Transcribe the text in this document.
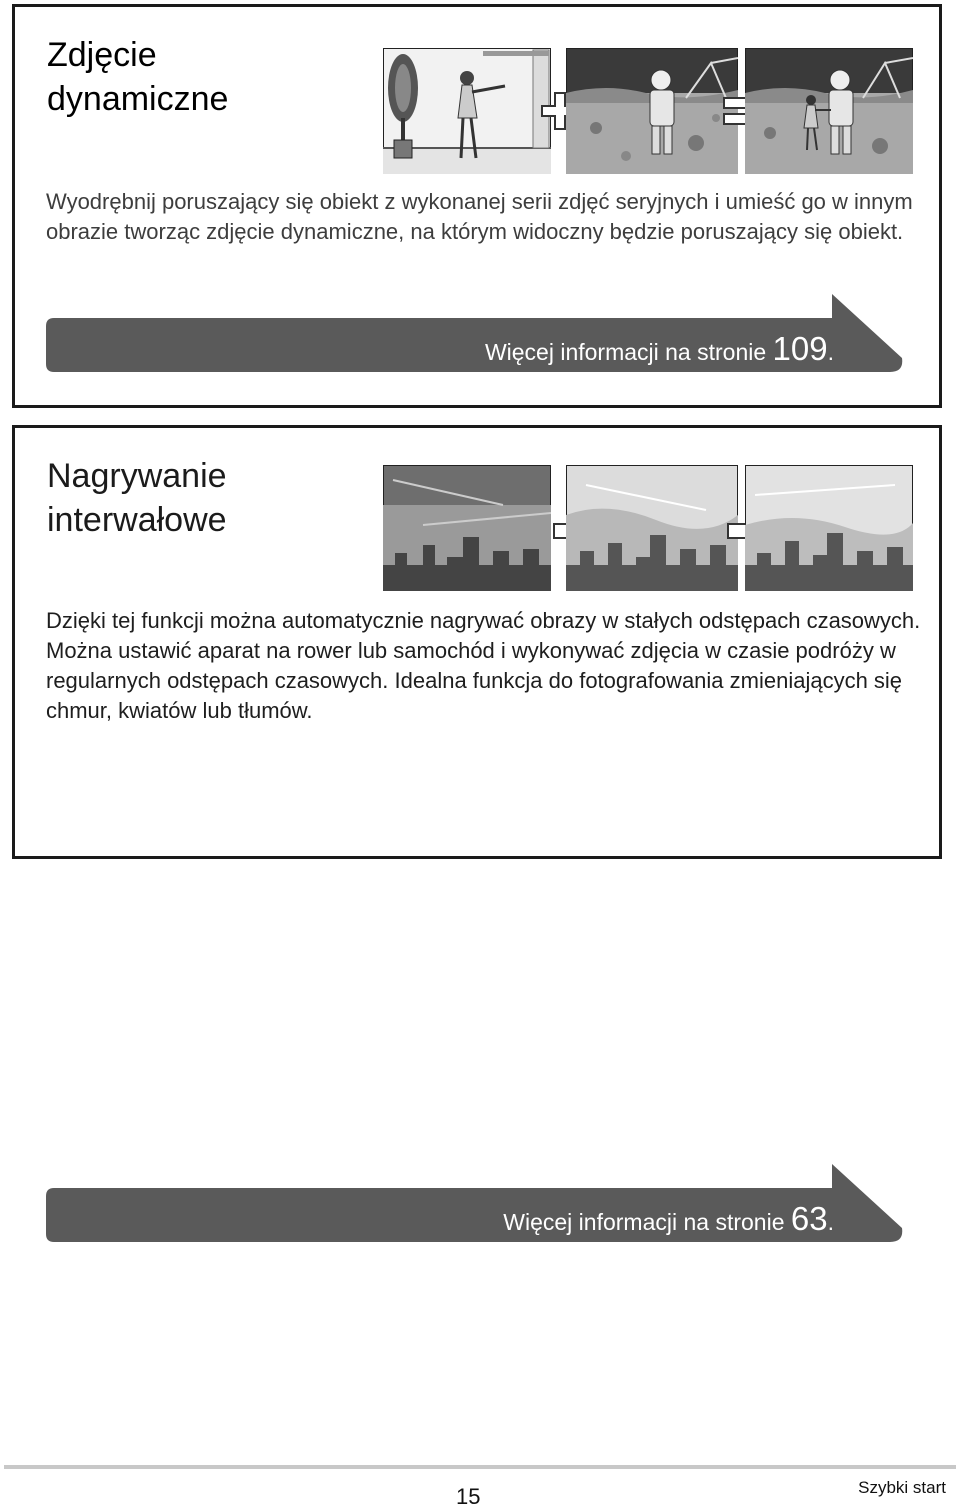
Zdjęcie
dynamiczne

Wyodrębnij poruszający się obiekt z wykonanej serii zdjęć seryjnych i umieść go w innym obrazie tworząc zdjęcie dynamiczne, na którym widoczny będzie poruszający się obiekt.

Więcej informacji na stronie 109.
Nagrywanie
interwałowe

Dzięki tej funkcji można automatycznie nagrywać obrazy w stałych odstępach czasowych. Można ustawić aparat na rower lub samochód i wykonywać zdjęcia w czasie podróży w regularnych odstępach czasowych. Idealna funkcja do fotografowania zmieniających się chmur, kwiatów lub tłumów.

Więcej informacji na stronie 63.
15	Szybki start
